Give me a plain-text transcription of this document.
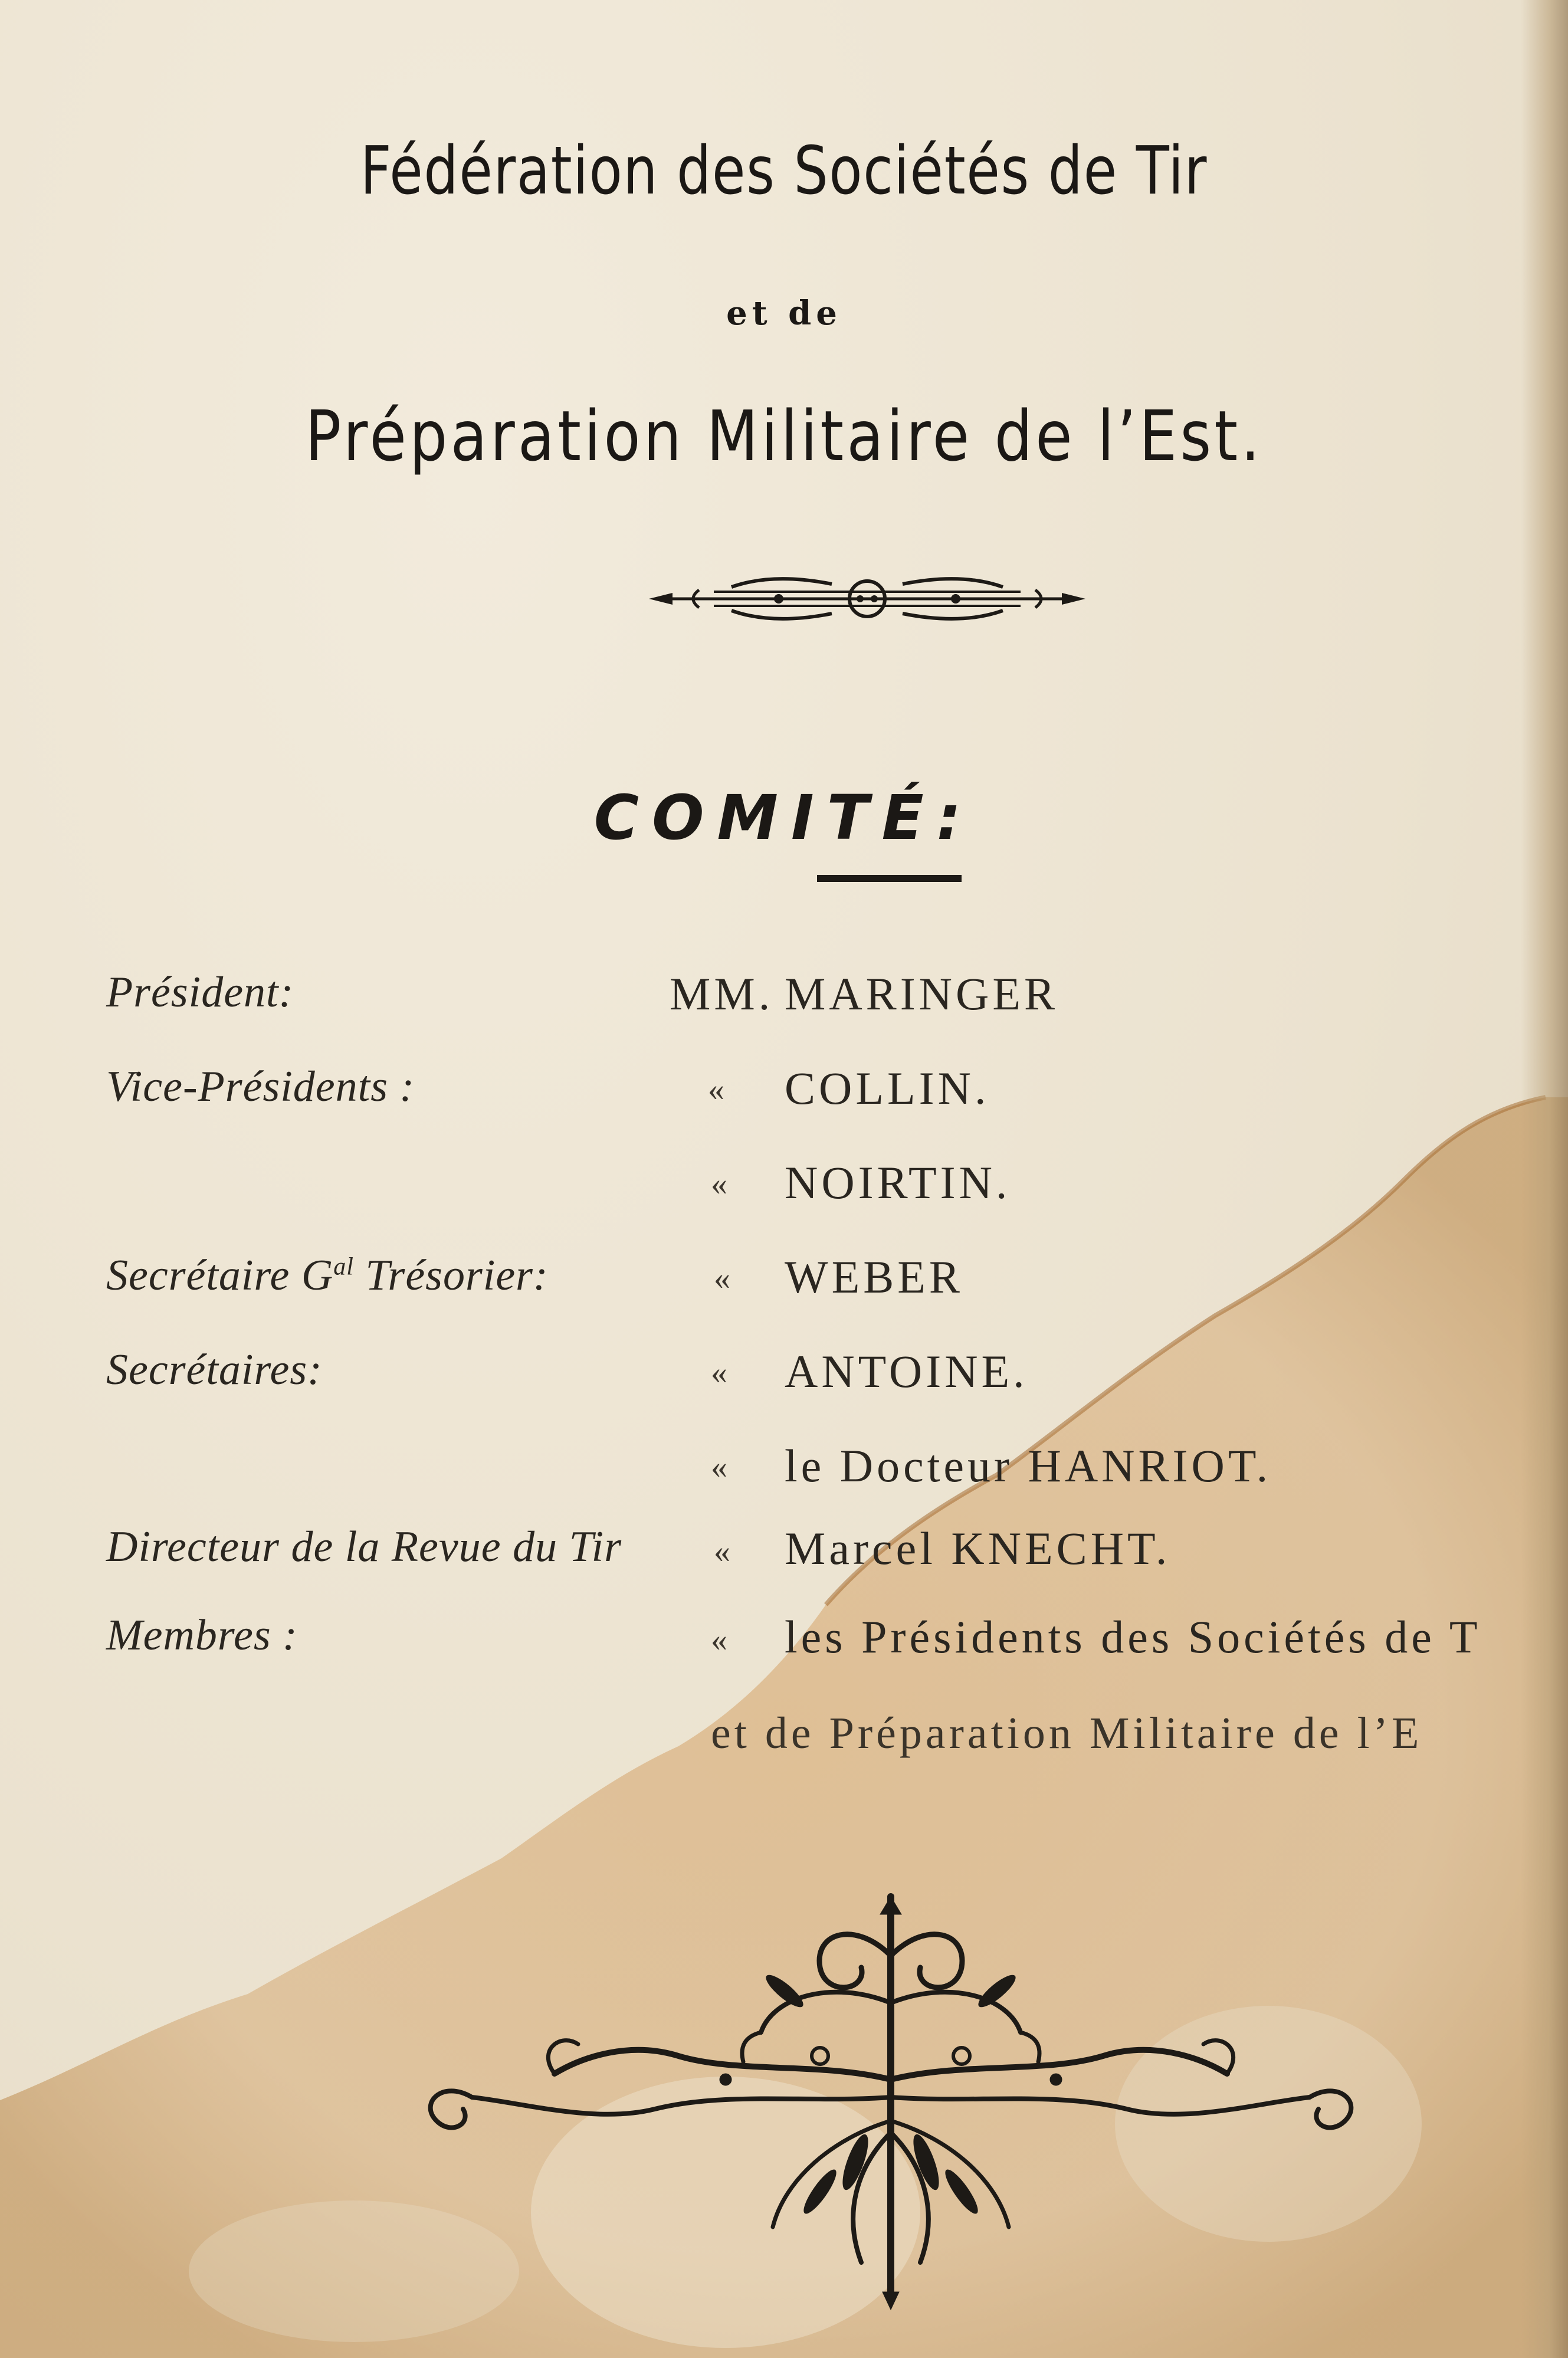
Fédération des Sociétés de Tir
et de
Préparation Militaire de l’Est.
COMITÉ:
Président:	MM. MARINGER
Vice-Présidents :	« COLLIN.
« NOIRTIN.
Secrétaire $G^{al}$ Trésorier:	« WEBER
Secrétaires:	« ANTOINE.
« le Docteur HANRIOT.
Directeur de la Revue du Tir	« Marcel KNECHT.
Membres :	« les Présidents des Sociétés de T
et de Préparation Militaire de l’E
